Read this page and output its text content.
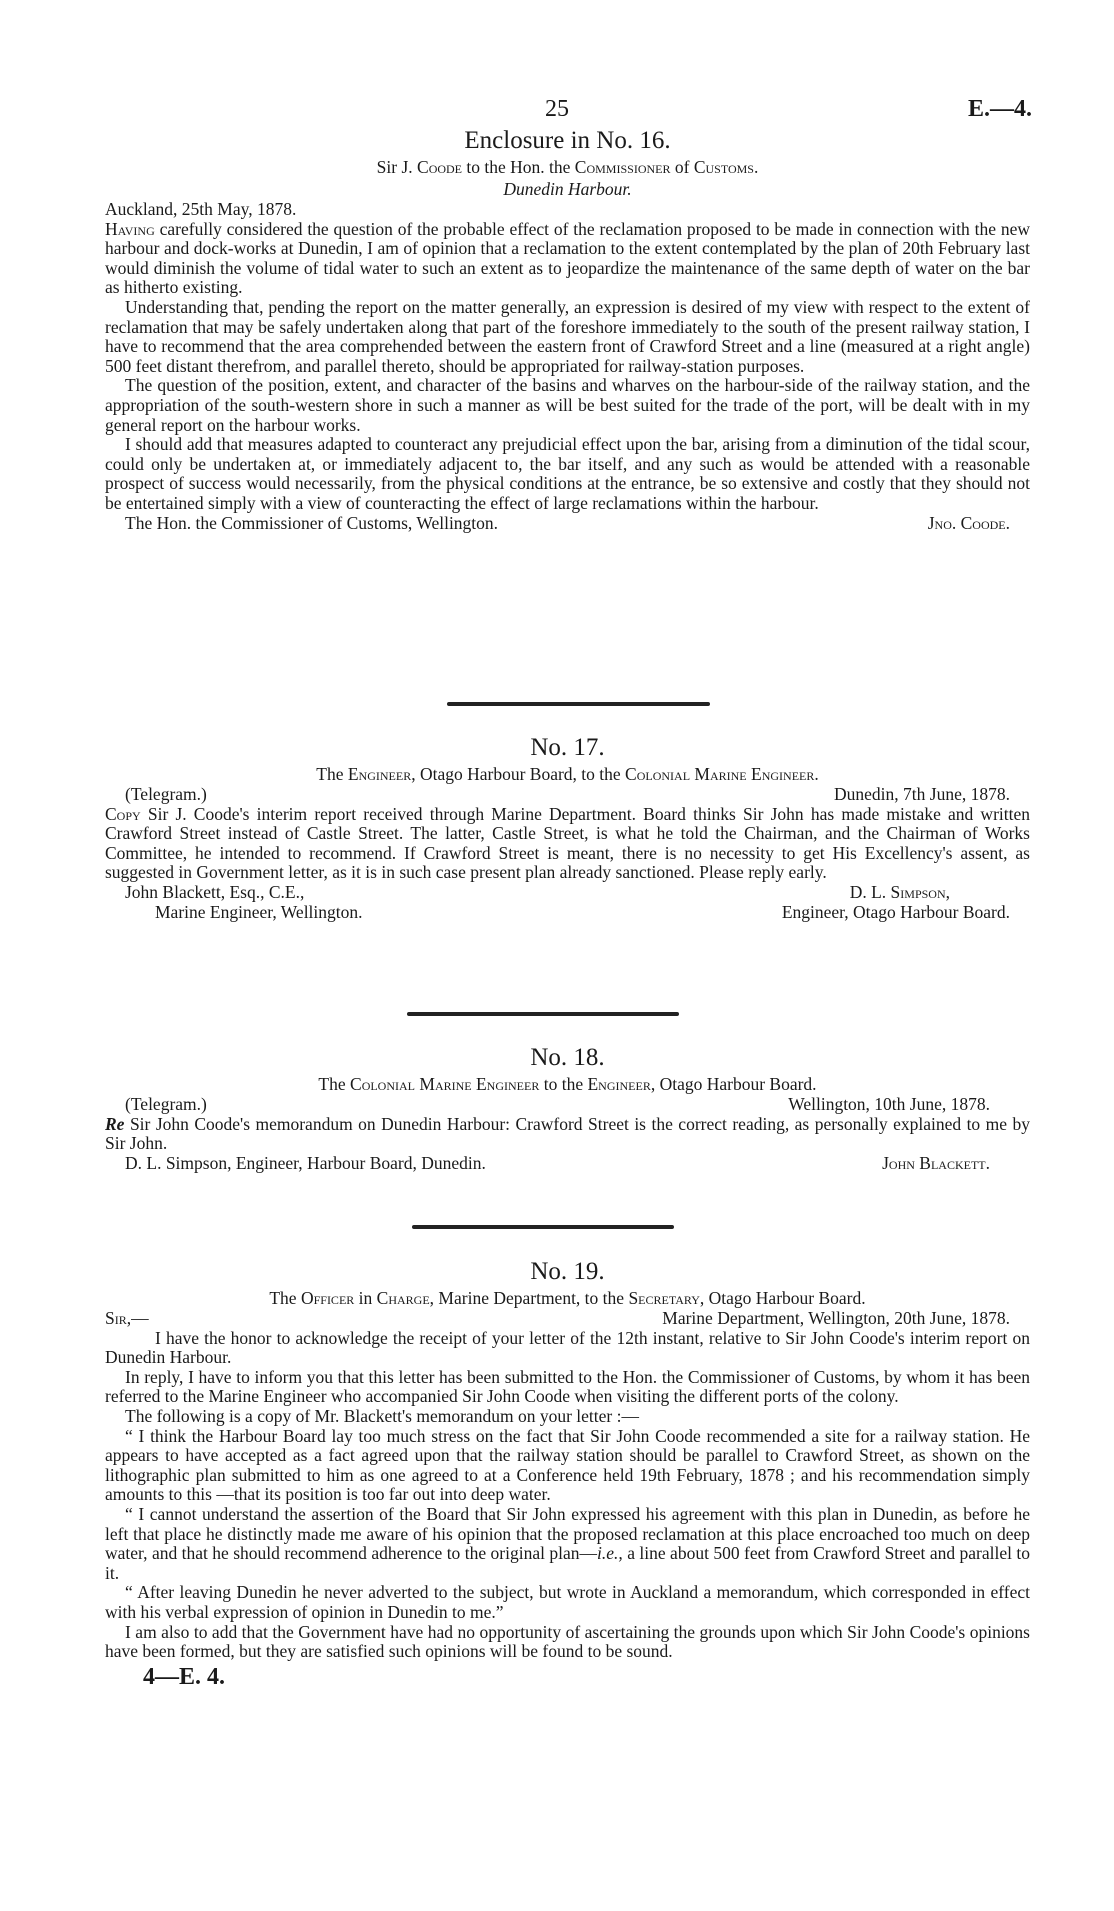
25	E.—4.
Enclosure in No. 16.
Sir J. Coode to the Hon. the Commissioner of Customs.
Dunedin Harbour.
Auckland, 25th May, 1878.

Having carefully considered the question of the probable effect of the reclamation proposed to be made in connection with the new harbour and dock-works at Dunedin, I am of opinion that a reclamation to the extent contemplated by the plan of 20th February last would diminish the volume of tidal water to such an extent as to jeopardize the maintenance of the same depth of water on the bar as hitherto existing.

Understanding that, pending the report on the matter generally, an expression is desired of my view with respect to the extent of reclamation that may be safely undertaken along that part of the foreshore immediately to the south of the present railway station, I have to recommend that the area comprehended between the eastern front of Crawford Street and a line (measured at a right angle) 500 feet distant therefrom, and parallel thereto, should be appropriated for railway-station purposes.

The question of the position, extent, and character of the basins and wharves on the harbour-side of the railway station, and the appropriation of the south-western shore in such a manner as will be best suited for the trade of the port, will be dealt with in my general report on the harbour works.

I should add that measures adapted to counteract any prejudicial effect upon the bar, arising from a diminution of the tidal scour, could only be undertaken at, or immediately adjacent to, the bar itself, and any such as would be attended with a reasonable prospect of success would necessarily, from the physical conditions at the entrance, be so extensive and costly that they should not be entertained simply with a view of counteracting the effect of large reclamations within the harbour.

The Hon. the Commissioner of Customs, Wellington.	Jno. Coode.
No. 17.
The Engineer, Otago Harbour Board, to the Colonial Marine Engineer.
(Telegram.)	Dunedin, 7th June, 1878.

Copy Sir J. Coode's interim report received through Marine Department. Board thinks Sir John has made mistake and written Crawford Street instead of Castle Street. The latter, Castle Street, is what he told the Chairman, and the Chairman of Works Committee, he intended to recommend. If Crawford Street is meant, there is no necessity to get His Excellency's assent, as suggested in Government letter, as it is in such case present plan already sanctioned. Please reply early.

John Blackett, Esq., C.E.,	D. L. Simpson,
Marine Engineer, Wellington.	Engineer, Otago Harbour Board.
No. 18.
The Colonial Marine Engineer to the Engineer, Otago Harbour Board.
(Telegram.)	Wellington, 10th June, 1878.

Re Sir John Coode's memorandum on Dunedin Harbour: Crawford Street is the correct reading, as personally explained to me by Sir John.

D. L. Simpson, Engineer, Harbour Board, Dunedin.	John Blackett.
No. 19.
The Officer in Charge, Marine Department, to the Secretary, Otago Harbour Board.
Sir,—	Marine Department, Wellington, 20th June, 1878.

I have the honor to acknowledge the receipt of your letter of the 12th instant, relative to Sir John Coode's interim report on Dunedin Harbour.

In reply, I have to inform you that this letter has been submitted to the Hon. the Commissioner of Customs, by whom it has been referred to the Marine Engineer who accompanied Sir John Coode when visiting the different ports of the colony.

The following is a copy of Mr. Blackett's memorandum on your letter :—

“ I think the Harbour Board lay too much stress on the fact that Sir John Coode recommended a site for a railway station. He appears to have accepted as a fact agreed upon that the railway station should be parallel to Crawford Street, as shown on the lithographic plan submitted to him as one agreed to at a Conference held 19th February, 1878 ; and his recommendation simply amounts to this —that its position is too far out into deep water.

“ I cannot understand the assertion of the Board that Sir John expressed his agreement with this plan in Dunedin, as before he left that place he distinctly made me aware of his opinion that the proposed reclamation at this place encroached too much on deep water, and that he should recommend adherence to the original plan—i.e., a line about 500 feet from Crawford Street and parallel to it.

“ After leaving Dunedin he never adverted to the subject, but wrote in Auckland a memorandum, which corresponded in effect with his verbal expression of opinion in Dunedin to me.”

I am also to add that the Government have had no opportunity of ascertaining the grounds upon which Sir John Coode's opinions have been formed, but they are satisfied such opinions will be found to be sound.

4—E. 4.
